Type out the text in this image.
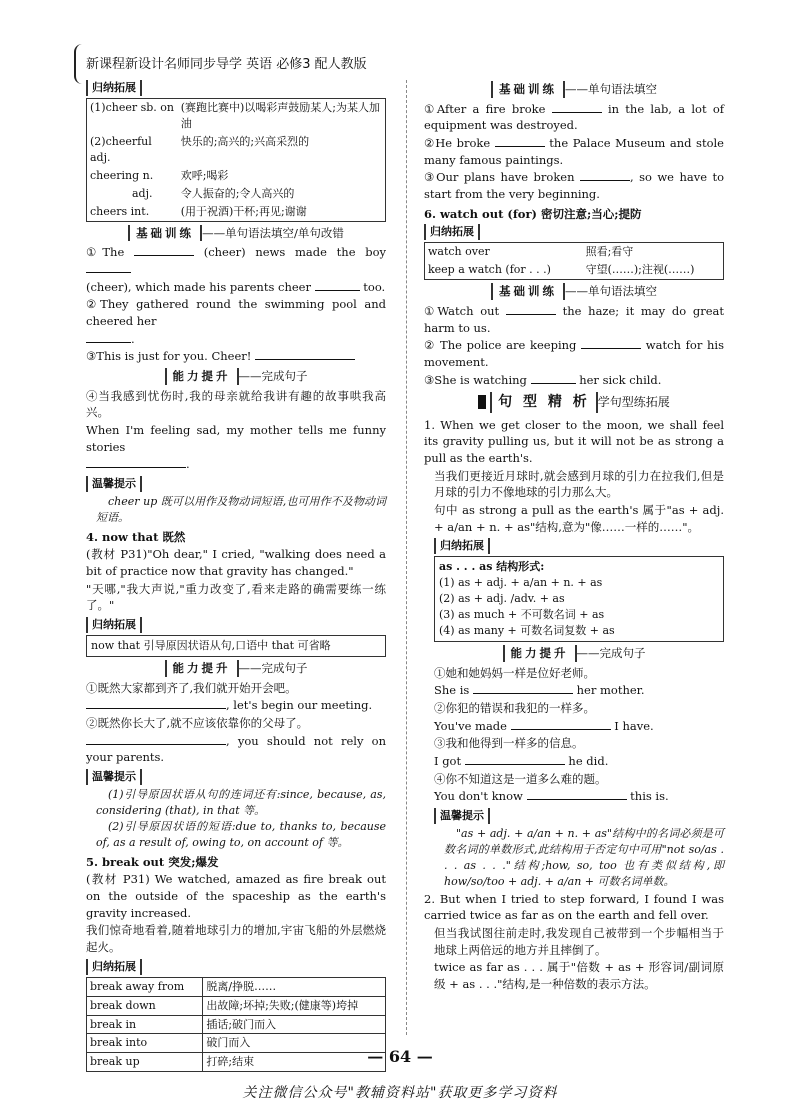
新课程新设计名师同步导学 英语 必修3 配人教版
归纳拓展
(1)cheer sb. on	(赛跑比赛中)以喝彩声鼓励某人;为某人加油
(2)cheerful adj.	快乐的;高兴的;兴高采烈的
cheering n.	欢呼;喝彩
adj.	令人振奋的;令人高兴的
cheers int.	(用于祝酒)干杯;再见;谢谢
基础训练 ——单句语法填空/单句改错
①The	(cheer) news made the boy
(cheer), which made his parents cheer	too.
②They gathered round the swimming pool and cheered her
.
③This is just for you. Cheer!
能力提升 ——完成句子
④当我感到忧伤时,我的母亲就给我讲有趣的故事哄我高兴。
When I'm feeling sad, my mother tells me funny stories
.
温馨提示
cheer up 既可以用作及物动词短语,也可用作不及物动词短语。
4. now that 既然
(教材 P31)"Oh dear," I cried, "walking does need a bit of practice now that gravity has changed."
"天哪,"我大声说,"重力改变了,看来走路的确需要练一练了。"
归纳拓展
now that 引导原因状语从句,口语中 that 可省略
能力提升 ——完成句子
①既然大家都到齐了,我们就开始开会吧。
, let's begin our meeting.
②既然你长大了,就不应该依靠你的父母了。
, you should not rely on your parents.
温馨提示
(1)引导原因状语从句的连词还有:since, because, as, considering (that), in that 等。
(2)引导原因状语的短语:due to, thanks to, because of, as a result of, owing to, on account of 等。
5. break out 突发;爆发
(教材 P31) We watched, amazed as fire break out on the outside of the spaceship as the earth's gravity increased.
我们惊奇地看着,随着地球引力的增加,宇宙飞船的外层燃烧起火。
归纳拓展
break away from	脱离/挣脱……
break down	出故障;坏掉;失败;(健康等)垮掉
break in	插话;破门而入
break into	破门而入
break up	打碎;结束
基础训练 ——单句语法填空
①After a fire broke	in the lab, a lot of equipment was destroyed.
②He broke	the Palace Museum and stole many famous paintings.
③Our plans have broken	, so we have to start from the very beginning.
6. watch out (for) 密切注意;当心;提防
归纳拓展
watch over	照看;看守
keep a watch (for . . .)	守望(……);注视(……)
基础训练 ——单句语法填空
①Watch out	the haze; it may do great harm to us.
② The police are keeping	watch for his movement.
③She is watching	her sick child.
句 型 精 析 学句型练拓展
1. When we get closer to the moon, we shall feel its gravity pulling us, but it will not be as strong a pull as the earth's.
当我们更接近月球时,就会感到月球的引力在拉我们,但是月球的引力不像地球的引力那么大。
句中 as strong a pull as the earth's 属于"as + adj. + a/an + n. + as"结构,意为"像……一样的……"。
归纳拓展
as . . . as 结构形式:
(1) as + adj. + a/an + n. + as
(2) as + adj. /adv. + as
(3) as much + 不可数名词 + as
(4) as many + 可数名词复数 + as
能力提升 ——完成句子
①她和她妈妈一样是位好老师。
She is	her mother.
②你犯的错误和我犯的一样多。
You've made	I have.
③我和他得到一样多的信息。
I got	he did.
④你不知道这是一道多么难的题。
You don't know	this is.
温馨提示
"as + adj. + a/an + n. + as"结构中的名词必须是可数名词的单数形式,此结构用于否定句中可用"not so/as . . . as . . ."结构;how, so, too 也有类似结构,即 how/so/too + adj. + a/an + 可数名词单数。
2. But when I tried to step forward, I found I was carried twice as far as on the earth and fell over.
但当我试图往前走时,我发现自己被带到一个步幅相当于地球上两倍远的地方并且摔倒了。
twice as far as . . . 属于"倍数 + as + 形容词/副词原级 + as . . ."结构,是一种倍数的表示方法。
— 64 —
关注微信公众号"教辅资料站"获取更多学习资料
